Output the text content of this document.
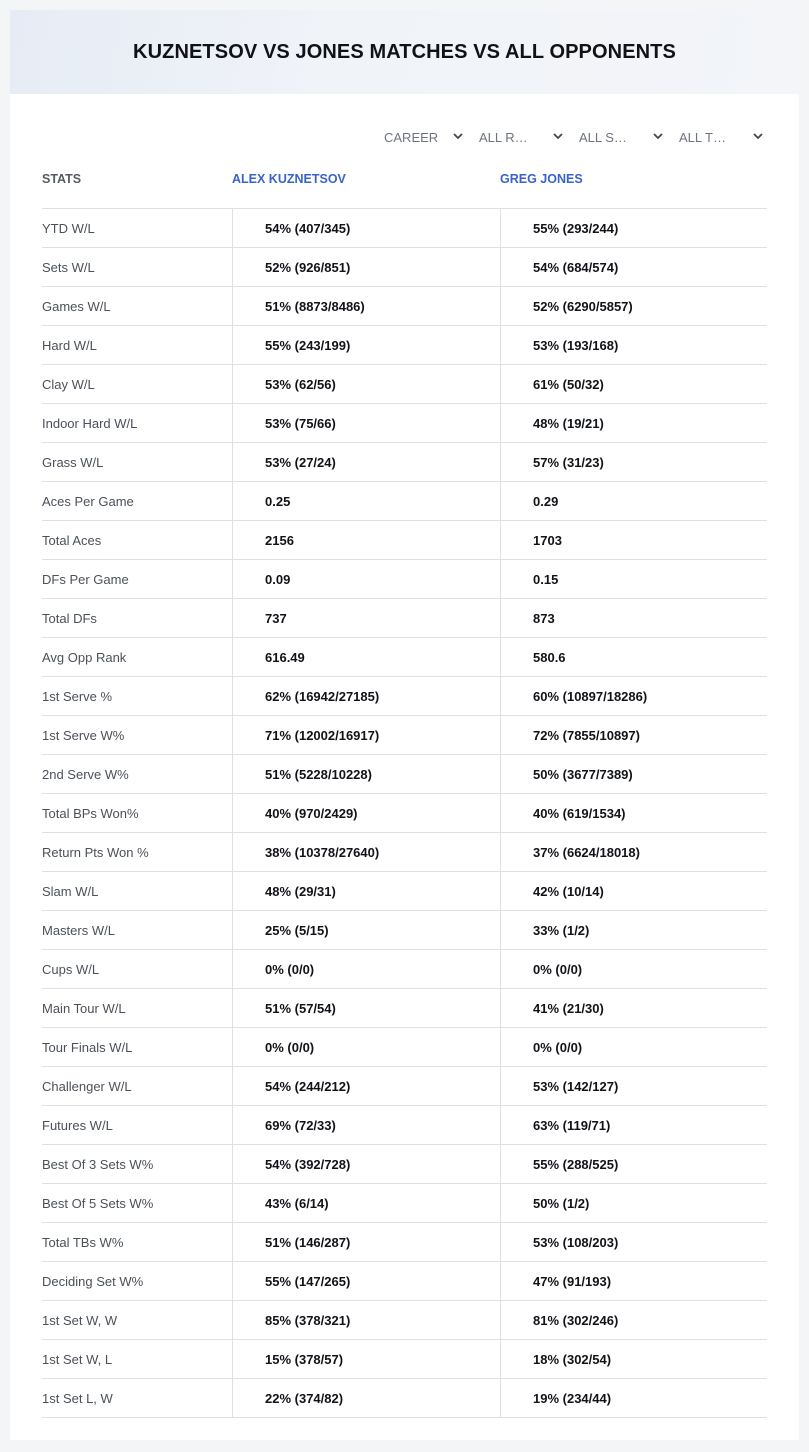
KUZNETSOV VS JONES MATCHES VS ALL OPPONENTS
CAREER	ALL R…	ALL S…	ALL T…
STATS	ALEX KUZNETSOV	GREG JONES
YTD W/L	54% (407/345)	55% (293/244)
Sets W/L	52% (926/851)	54% (684/574)
Games W/L	51% (8873/8486)	52% (6290/5857)
Hard W/L	55% (243/199)	53% (193/168)
Clay W/L	53% (62/56)	61% (50/32)
Indoor Hard W/L	53% (75/66)	48% (19/21)
Grass W/L	53% (27/24)	57% (31/23)
Aces Per Game	0.25	0.29
Total Aces	2156	1703
DFs Per Game	0.09	0.15
Total DFs	737	873
Avg Opp Rank	616.49	580.6
1st Serve %	62% (16942/27185)	60% (10897/18286)
1st Serve W%	71% (12002/16917)	72% (7855/10897)
2nd Serve W%	51% (5228/10228)	50% (3677/7389)
Total BPs Won%	40% (970/2429)	40% (619/1534)
Return Pts Won %	38% (10378/27640)	37% (6624/18018)
Slam W/L	48% (29/31)	42% (10/14)
Masters W/L	25% (5/15)	33% (1/2)
Cups W/L	0% (0/0)	0% (0/0)
Main Tour W/L	51% (57/54)	41% (21/30)
Tour Finals W/L	0% (0/0)	0% (0/0)
Challenger W/L	54% (244/212)	53% (142/127)
Futures W/L	69% (72/33)	63% (119/71)
Best Of 3 Sets W%	54% (392/728)	55% (288/525)
Best Of 5 Sets W%	43% (6/14)	50% (1/2)
Total TBs W%	51% (146/287)	53% (108/203)
Deciding Set W%	55% (147/265)	47% (91/193)
1st Set W, W	85% (378/321)	81% (302/246)
1st Set W, L	15% (378/57)	18% (302/54)
1st Set L, W	22% (374/82)	19% (234/44)
